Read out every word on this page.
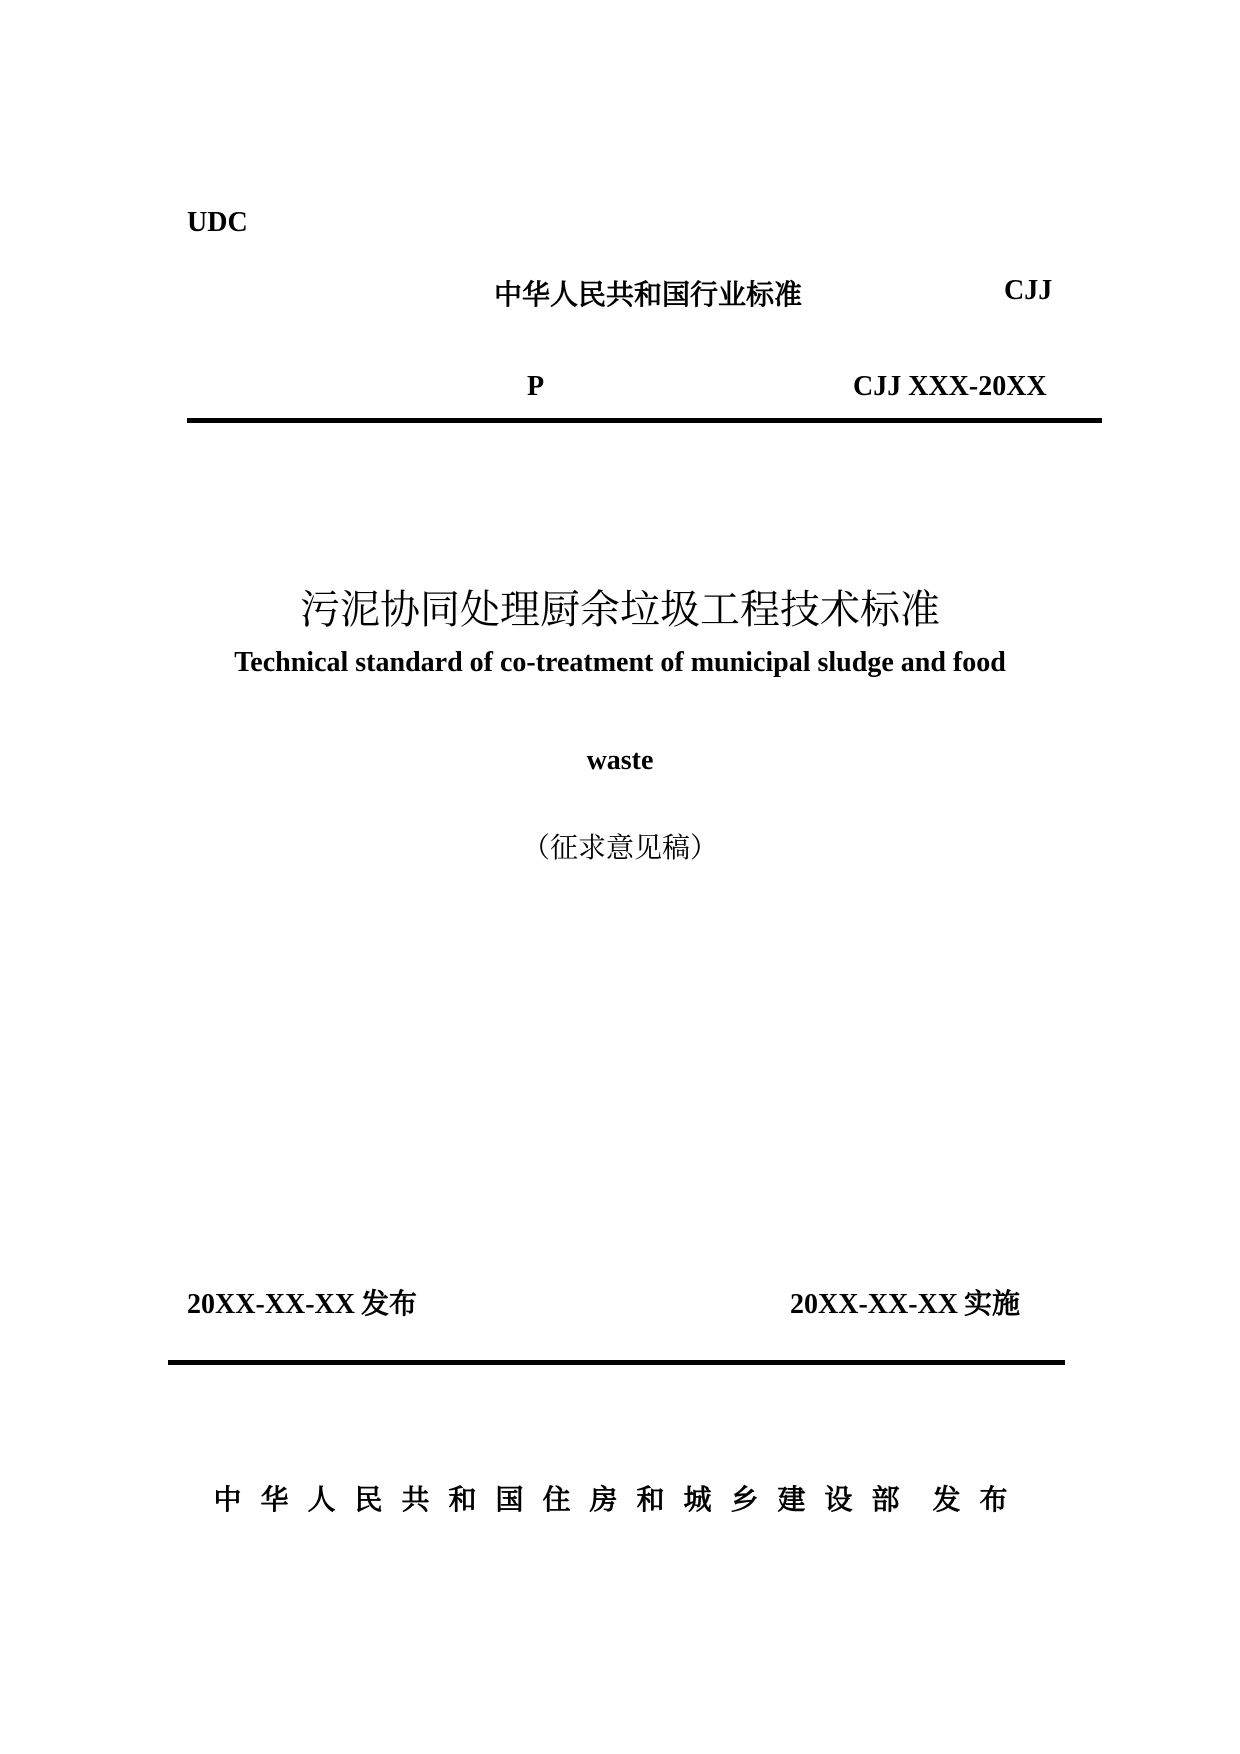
UDC
中华人民共和国行业标准	CJJ
P	CJJ XXX-20XX
污泥协同处理厨余垃圾工程技术标准
Technical standard of co-treatment of municipal sludge and food
waste
（征求意见稿）
20XX-XX-XX 发布	20XX-XX-XX 实施
中华人民共和国住房和城乡建设部 发布
